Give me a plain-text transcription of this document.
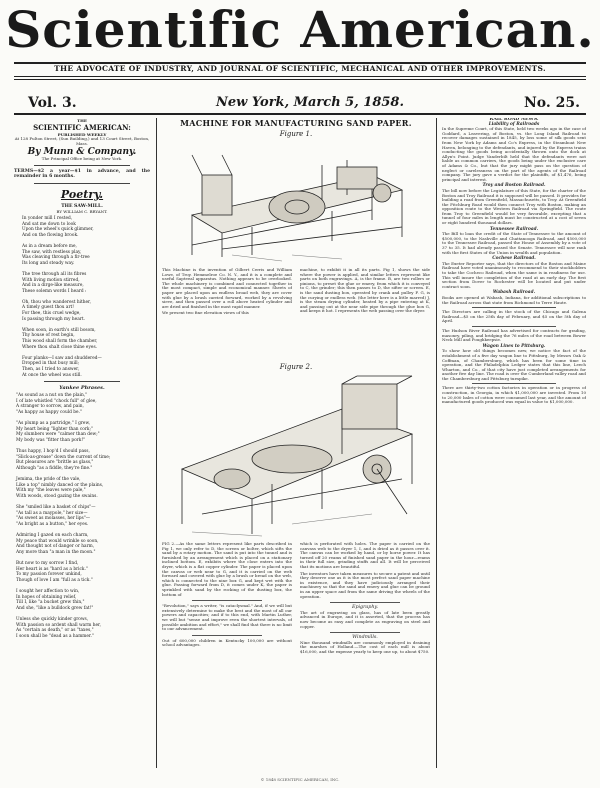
Scientific American.
THE ADVOCATE OF INDUSTRY, AND JOURNAL OF SCIENTIFIC, MECHANICAL AND OTHER IMPROVEMENTS.
Vol. 3.	New York, March 5, 1858.	No. 25.
THE
SCIENTIFIC AMERICAN:
PUBLISHED WEEKLY
At 128 Fulton Street, (Sun Building,) and 13 Court Street, Boston, Mass.
By Munn & Company.
The Principal Office being at New York.
TERMS—$2 a year—$1 in advance, and the remainder in 6 months.
Poetry.
THE SAW-MILL.
BY WILLIAM C. BRYANT.

In yonder mill I rested,

And sat me down to look

Upon the wheel's quick glimmer,

And on the flowing brook.

As in a dream before me,

The saw, with restless play,

Was cleaving through a fir-tree

Its long and steady way.

The tree through all its fibres

With living motion stirred,

And in a dirge-like measure,

These solemn words I heard :

Oh, thou who wanderest hither,

A timely guest thou art!

For thee, this cruel wedge,

Is passing through my heart.

When soon, in earth's still bosom,

Thy house of rest begin,

This wood shall form the chamber,

Where thou shalt close thine eyes.

Four planks—I saw and shuddered—

Dropped in that busy mill;

Then, as I tried to answer,

At once the wheel was still.

Yankee Phrases.

"As sound as a nut on the plain,"

I of late whistled "chock full" of glee,

A stranger to sorrow, and pain,

"As happy as happy could be."

"As plump as a partridge," I grew,

My heart being "lighter than cork;"

My slumbers were "calmer than dew;"

My body was "fitter than pork!"

Thus happy, I hop'd I should pass,

"Slick-as-grease" down the current of time;

But pleasures are "brittle as glass,"

Although "as a fiddle, they're fine."

Jemima, the pride of the vale,

Like a top" nimbly danced or the plains,

With my "the leaves were pale,"

With woods, stood gazing the swains.

She "smiled like a basket of chips"—

"As tall as a maypole," her size—

"As sweet as molasses, her lips"—

"As bright as a button," her eyes.

Admiring I gazed on each charm,

My peace that would wrinkle so soon,

And thought not of danger or harm,

Any more than "a man in the moon."

But now to my sorrow I find,

Her heart is as "hard as a brick."

To my passion forever unkind,

Though of love I am "full as a tick."

I sought her affection to win,

In hopes of obtaining relief,

Till I, like "a bucket grew thin,"

And she, "like a bulldock grew fat!"

Unless she quickly kinder grows,

With passion so ardent shall warm her,

As "certain as death," or as "taxes,"

I soon shall be "dead as a hammer."

MACHINE FOR MANUFACTURING SAND PAPER.
Figure 1.
This Machine is the invention of Gilbert Cerris and William Lowe, of Troy. Hemmelroe Co. N. Y., and it is a complete and useful Sapteeal apparatus. Nothing appears to be overlooked. The whole machinery is combined and connected together in the most compact, simple and economical manner. Sheets of paper are placed upon an endless broad web, they are cover with glue by a brush carried forward, worked by a revolving sieve, and then passed over a roll above heated cylinder and are dried and finished in the most rapid manner.
We present two fine elevation views of this
machine, to exhibit it in all its parts. Fig 1, shows the side where the power is applied, and similar letters represent like parts on both engravings. A, is the frame. B, are two rollers or pinions, to preset the glue or emery, from which it is conveyed to C, the grinder; this then passes to D, the sifter or screen. E, is the sand dusting box, operated by crank and pulley F. G, is the curying or endless web. (the letter here is a little marred) J, is the steam drying cylinder, heated by a pipe entering at K, and passing out at the near side pipe through the glue box G, and keeps it hot. I represents the web passing over the dryer.
Figure 2.
FIG 2.—As the same letters represent like parts described in Fig 1, we only refer to D, the screen or bolter, which sifts the sand by a rotary motion. The sand is put into the tunnel and is furnished by an arrangement which is placed on a stationary inclined bottom. E, exhibits where the close enters into the dryer, which is a flat copper cylinder. The paper is placed upon the canvas or web near to G, and it is carried on the web forward and covered with glue by a brush or bread on the web, which is connected to the nine box G, and kept wet with the glue. Passing forward from D, it comes under K, the paper is sprinkled with sand by the rocking of the dusting box, the bottom of
"Revolution," says a writer, "is cataclysmal." And, if we will but extensively determine to make the best and the most of all our powers and capacities; and if to this end, with Martin Luther, we will but "sense and improve even the shortest intervals, of possible ambition and effort," we shall find that there is no limit to our advancement.
Out of 600,000 children in Kentucky 100,000 are without school advantages.
which is perforated with holes. The paper is carried on the canvass web to the dryer 1, I, and is dried as it passes over it. The canvas can be worked by hand, or by horse power. It has turned off 20 reams of finished sand paper in the hour—reams in their full size, grinding stuffs and all. It will be perceived that its motions are beautiful.
The inventors have taken measures to secure a patent and until they deserve one as it is the most perfect sand paper machine in existence, and they have judiciously arranged their machinery so that the sand and emery and glue can be ground in an upper space and from the same driving the wheels of the operation.
Epigraphy.
The art of engraving on glass, has of late been greatly advanced in Europe, and it is asserted, that the process has now become as easy and complete as engraving on steel and copper.
Windmills.
Nine thousand windmills are commonly employed in draining the marshes of Holland.—The cost of each mill is about $16,000, and the expense yearly to keep one up, to about $750.
RAIL ROAD NEWS.
Liability of Railroads
In the Supreme Court, of this State, held two weeks ago in the case of Goddard, a Leavering, of Boston, vs. the Long Island Railroad to recover damages sustained in 1845, by loss some of silk goods sent from New York by Adams and Co's Express, in the Steamboat New Haven, belonging to the defendants, and injured by the Express trains conducting the goods being accidentally thrown onto the dock at Allyn's Point. Judge Vanderbilt held that the defendants were not liable as common carriers, the goods being under the exclusive care of Adams & Co., but that the jury might pass on the question of neglect or carelessness on the part of the agents of the Railroad company. The jury gave a verdict for the plaintiffs, of $1,476, being principal and interest.
Troy and Boston Railroad.
The bill now before the Legislature of this State, for the charter of the Boston and Troy Railroad it is supposed will be passed. It provides for building a road from Greenfield, Massachusetts, to Troy. At Greenfield the Fitchburg Road would then connect Troy with Boston, making an opposition route to the Western Railroad via Springfield. The route from Troy to Greenfield would be very favorable, excepting that a tunnel of four miles in length must be constructed at a cost of seven or eight hundred thousand dollars.
Tennessee Railroad.
The Bill to loan the credit of the State of Tennessee to the amount of $500,000, to the Nashville and Chattanooga Railroad, and $500,000 to the Tennessee Railroad, passed the House of Assembly by a vote of 37 to 35. It had already passed the Senate. Tennessee will now rank with the first States of the Union in wealth and population.
Cochese Railroad.
The Exeter Reporter says, that the directors of the Boston and Maine Railroad have voted unanimously to recommend to their stockholders to take the Cocheco Railroad, when the same is in readiness for use. This will insure the completion of the road at an early day. The first section from Dover to Rochester will be located and put under contract soon.
Wabash Railroad.
Books are opened at Wabash, Indiana, for additional subscriptions to the Railroad across that state from Richmond to Terre Haute.
The Directors are calling in the stock of the Chicago and Galena Railroad—$5 on the 25th day of February, and $5 on the 5th day of April.
The Hudson River Railroad has advertised for contracts for grading, masonry, piling, and bridging the 76 miles of the road between Bower Neck Mill and Poughkeepsie.
Wagon Lines to Pittsburg.
To show how old things becomes new, we notice the fact of the establishment of a five day wagon line to Pittsburg, by Messrs Oak & Coffman, of Chambersburg, which has been for some time in operation, and the Philadelphia Ledger states that this line, Leech Wharton, and Co., of that city have just completed arrangements for another five day line. The road is over the Cumberland valley road and the Chambersburg and Pittsburg turnpike.
There are thirty-two cotton factories in operation or in progress of construction, in Georgia, in which $1,000,000 are invested. From 10 to 20,000 bales of cotton were consumed last year, and the amount of manufactured goods produced was equal in value to $1,000,000.
© 1848 SCIENTIFIC AMERICAN, INC.
